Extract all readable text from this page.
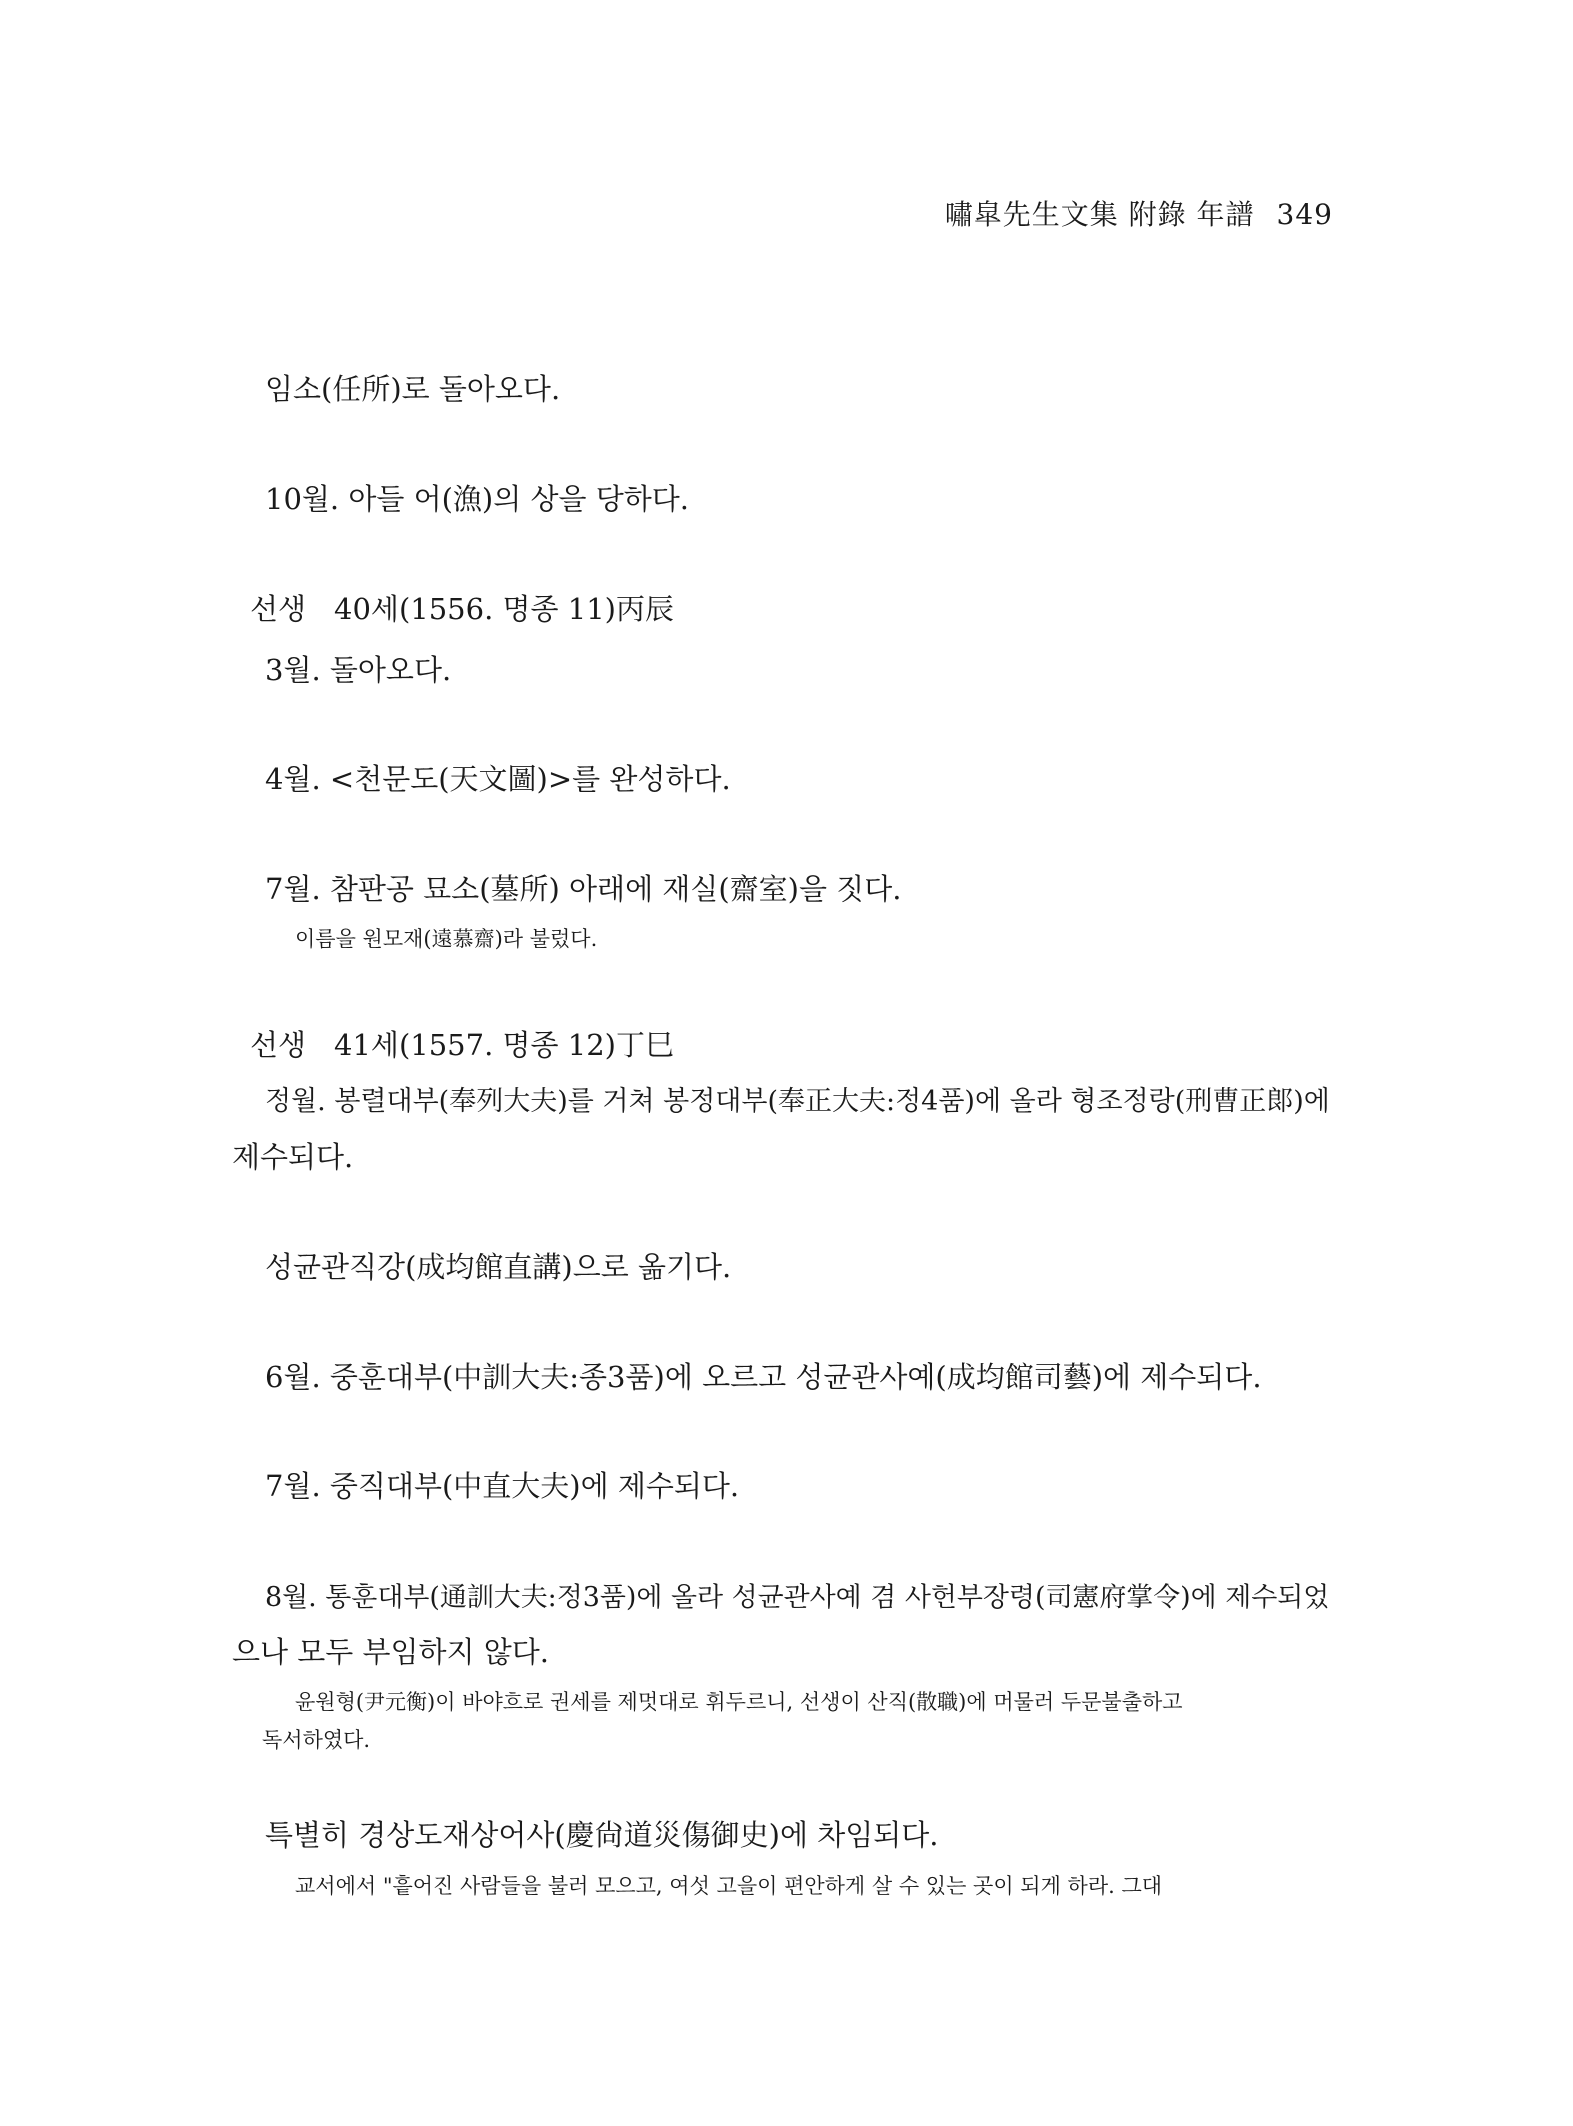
嘯皐先生文集 附錄 年譜 349
임소(任所)로 돌아오다.
10월. 아들 어(漁)의 상을 당하다.
선생 40세(1556. 명종 11)丙辰
3월. 돌아오다.
4월. <천문도(天文圖)>를 완성하다.
7월. 참판공 묘소(墓所) 아래에 재실(齋室)을 짓다.
이름을 원모재(遠慕齋)라 불렀다.
선생 41세(1557. 명종 12)丁巳
정월. 봉렬대부(奉列大夫)를 거쳐 봉정대부(奉正大夫:정4품)에 올라 형조정랑(刑曹正郞)에
제수되다.
성균관직강(成均館直講)으로 옮기다.
6월. 중훈대부(中訓大夫:종3품)에 오르고 성균관사예(成均館司藝)에 제수되다.
7월. 중직대부(中直大夫)에 제수되다.
8월. 통훈대부(通訓大夫:정3품)에 올라 성균관사예 겸 사헌부장령(司憲府掌令)에 제수되었
으나 모두 부임하지 않다.
윤원형(尹元衡)이 바야흐로 권세를 제멋대로 휘두르니, 선생이 산직(散職)에 머물러 두문불출하고
독서하였다.
특별히 경상도재상어사(慶尙道災傷御史)에 차임되다.
교서에서 "흩어진 사람들을 불러 모으고, 여섯 고을이 편안하게 살 수 있는 곳이 되게 하라. 그대
